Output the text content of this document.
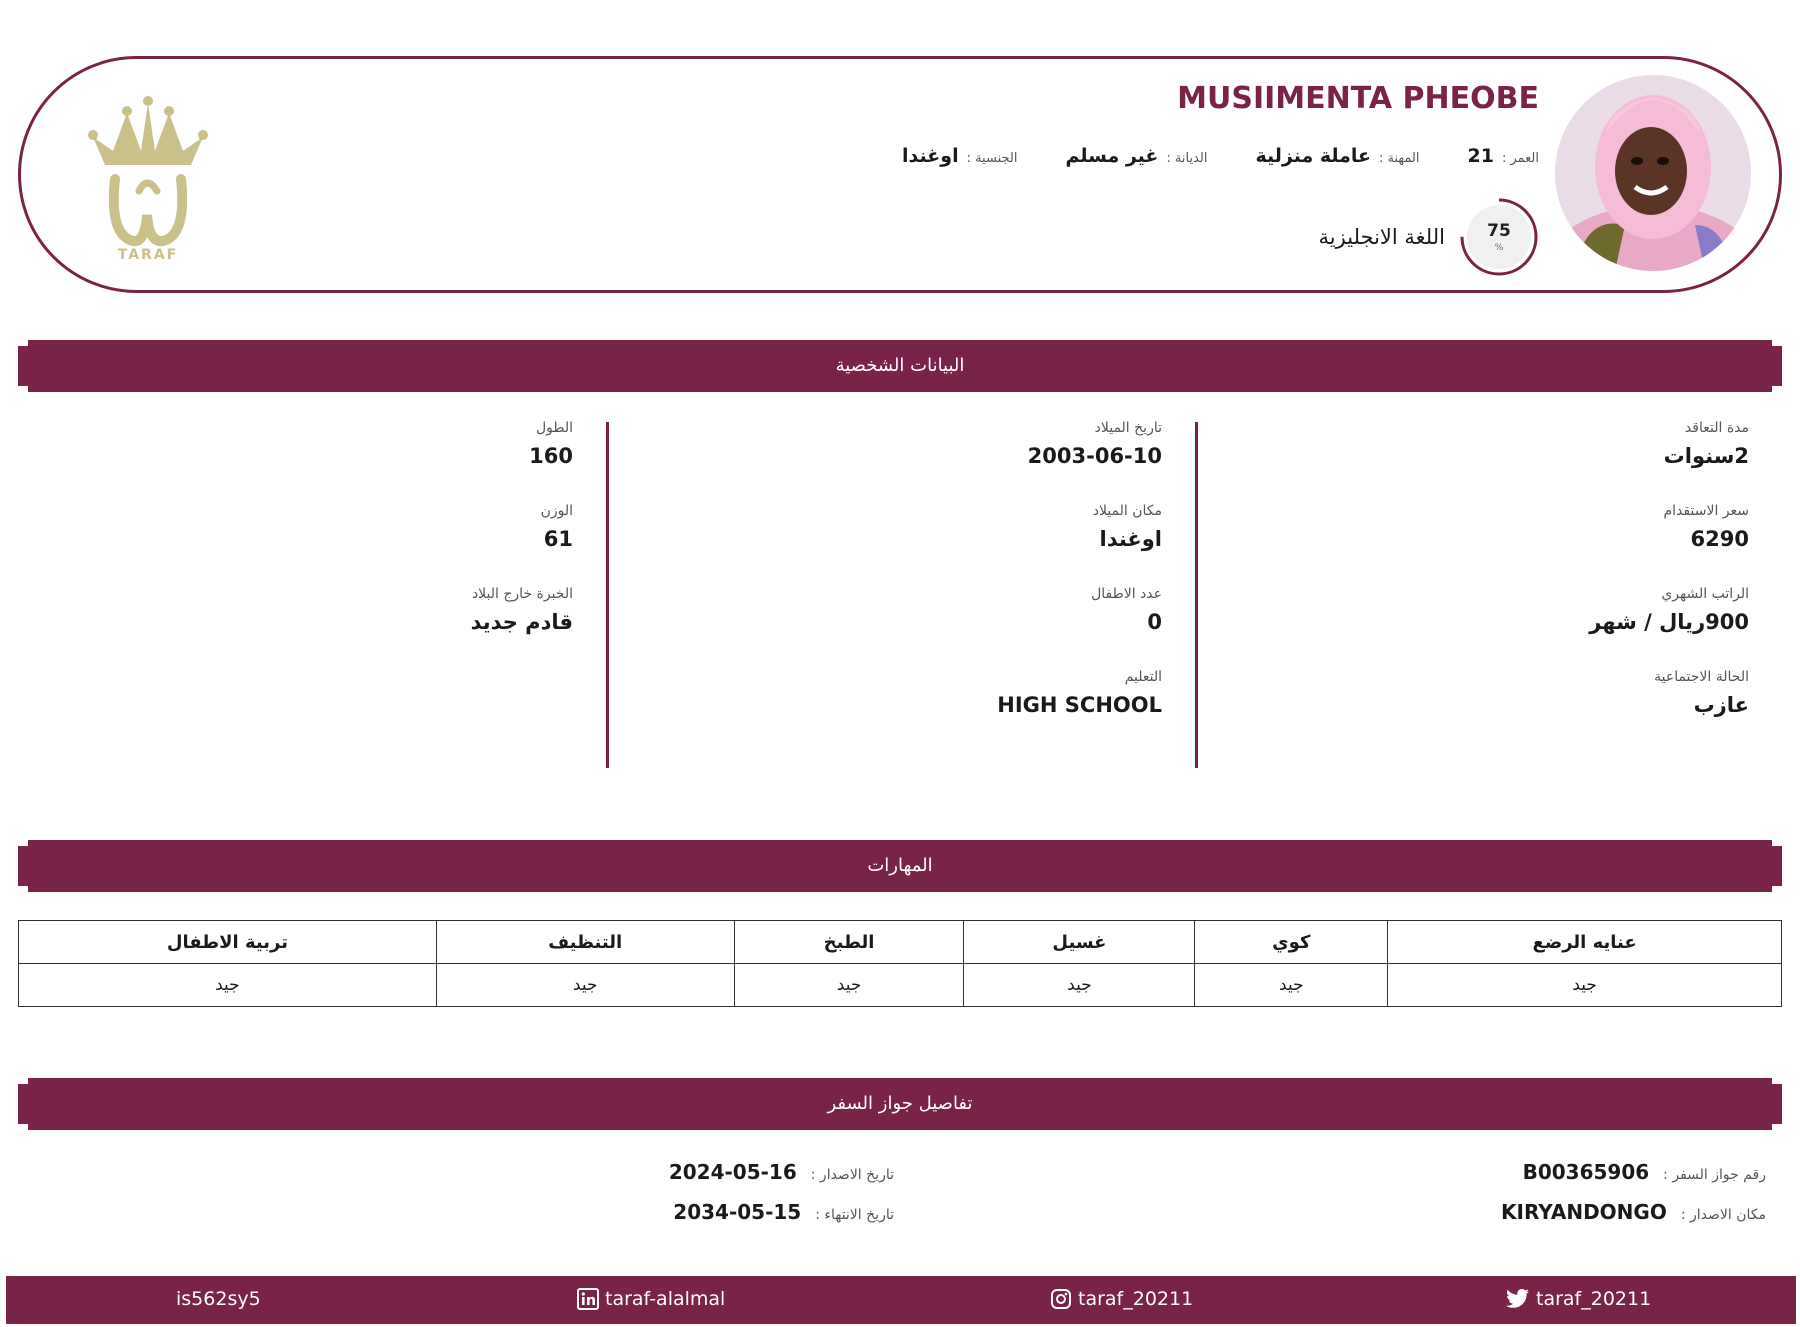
MUSIIMENTA PHEOBE
الجنسية :
اوغندا	الديانة :
غير مسلم	المهنة :
عاملة منزلية	العمر :
21
75
%
اللغة الانجليزية
TARAF
البيانات الشخصية
مدة التعاقد
2سنوات
سعر الاستقدام
6290
الراتب الشهري
900ريال / شهر
الحالة الاجتماعية
عازب
تاريخ الميلاد
2003-06-10
مكان الميلاد
اوغندا
عدد الاطفال
0
التعليم
HIGH SCHOOL
الطول
160
الوزن
61
الخبرة خارج البلاد
قادم جديد
المهارات
عنايه الرضع	كوي	غسيل	الطبخ	التنظيف	تربية الاطفال
جيد	جيد	جيد	جيد	جيد	جيد
تفاصيل جواز السفر
رقم جواز السفر :
B00365906
مكان الاصدار :
KIRYANDONGO
تاريخ الاصدار :
2024-05-16
تاريخ الانتهاء :
2034-05-15
taraf_20211
taraf_20211
taraf-alalmal
is562sy5
